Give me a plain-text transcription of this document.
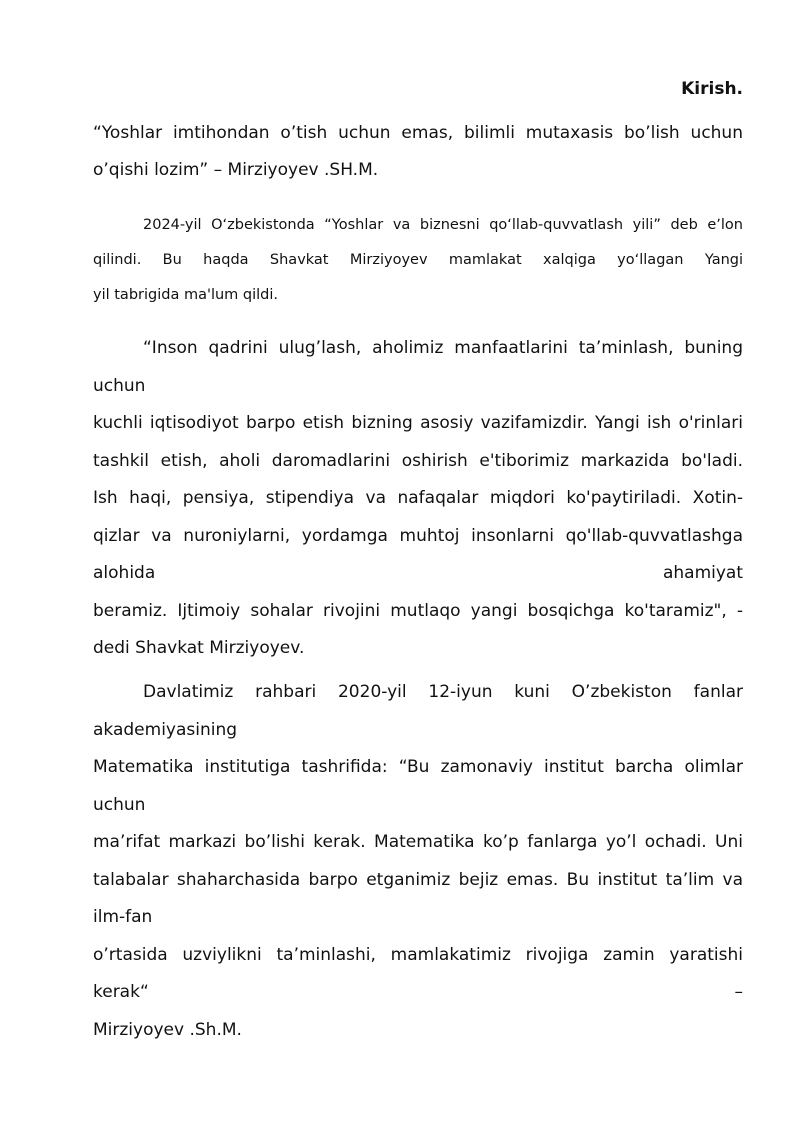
Kirish.

“Yoshlar imtihondan o’tish uchun emas, bilimli mutaxasis bo’lish uchun
o’qishi lozim” – Mirziyoyev .SH.M.

2024-yil Oʻzbekistonda “Yoshlar va biznesni qoʻllab-quvvatlash yili” deb eʼlon
qilindi. Bu haqda Shavkat Mirziyoyev mamlakat xalqiga yoʻllagan Yangi
yil tabrigida ma'lum qildi.

“Inson qadrini ulug’lash, aholimiz manfaatlarini ta’minlash, buning
uchun
kuchli iqtisodiyot barpo etish bizning asosiy vazifamizdir. Yangi ish o'rinlari
tashkil etish, aholi daromadlarini oshirish e'tiborimiz markazida bo'ladi.
Ish haqi, pensiya, stipendiya va nafaqalar miqdori ko'paytiriladi. Xotin-
qizlar va nuroniylarni, yordamga muhtoj insonlarni qo'llab-quvvatlashga
alohida	ahamiyat
beramiz. Ijtimoiy sohalar rivojini mutlaqo yangi bosqichga ko'taramiz", -
dedi Shavkat Mirziyoyev.

Davlatimiz rahbari 2020-yil 12-iyun kuni O’zbekiston fanlar
akademiyasining
Matematika institutiga tashrifida: “Bu zamonaviy institut barcha olimlar
uchun
ma’rifat markazi bo’lishi kerak. Matematika ko’p fanlarga yo’l ochadi. Uni
talabalar shaharchasida barpo etganimiz bejiz emas. Bu institut ta’lim va
ilm-fan
o’rtasida uzviylikni ta’minlashi, mamlakatimiz rivojiga zamin yaratishi
kerak“	–
Mirziyoyev .Sh.M.
